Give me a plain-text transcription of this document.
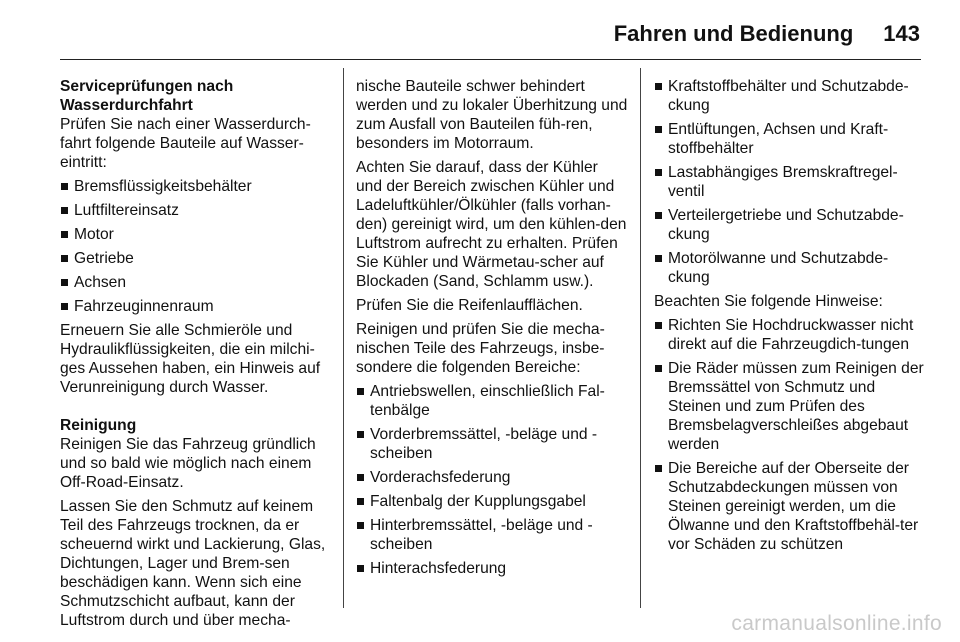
Fahren und Bedienung 143
Serviceprüfungen nach Wasserdurchfahrt
Prüfen Sie nach einer Wasserdurch-fahrt folgende Bauteile auf Wasser-eintritt:
Bremsflüssigkeitsbehälter
Luftfiltereinsatz
Motor
Getriebe
Achsen
Fahrzeuginnenraum
Erneuern Sie alle Schmieröle und Hydraulikflüssigkeiten, die ein milchi-ges Aussehen haben, ein Hinweis auf Verunreinigung durch Wasser.
Reinigung
Reinigen Sie das Fahrzeug gründlich und so bald wie möglich nach einem Off-Road-Einsatz.
Lassen Sie den Schmutz auf keinem Teil des Fahrzeugs trocknen, da er scheuernd wirkt und Lackierung, Glas, Dichtungen, Lager und Brem-sen beschädigen kann. Wenn sich eine Schmutzschicht aufbaut, kann der Luftstrom durch und über mecha-
nische Bauteile schwer behindert werden und zu lokaler Überhitzung und zum Ausfall von Bauteilen füh-ren, besonders im Motorraum.
Achten Sie darauf, dass der Kühler und der Bereich zwischen Kühler und Ladeluftkühler/Ölkühler (falls vorhan-den) gereinigt wird, um den kühlen-den Luftstrom aufrecht zu erhalten. Prüfen Sie Kühler und Wärmetau-scher auf Blockaden (Sand, Schlamm usw.).
Prüfen Sie die Reifenlaufflächen.
Reinigen und prüfen Sie die mecha-nischen Teile des Fahrzeugs, insbe-sondere die folgenden Bereiche:
Antriebswellen, einschließlich Fal-tenbälge
Vorderbremssättel, -beläge und -scheiben
Vorderachsfederung
Faltenbalg der Kupplungsgabel
Hinterbremssättel, -beläge und -scheiben
Hinterachsfederung
Kraftstoffbehälter und Schutzabde-ckung
Entlüftungen, Achsen und Kraft-stoffbehälter
Lastabhängiges Bremskraftregel-ventil
Verteilergetriebe und Schutzabde-ckung
Motorölwanne und Schutzabde-ckung
Beachten Sie folgende Hinweise:
Richten Sie Hochdruckwasser nicht direkt auf die Fahrzeugdich-tungen
Die Räder müssen zum Reinigen der Bremssättel von Schmutz und Steinen und zum Prüfen des Bremsbelagverschleißes abgebaut werden
Die Bereiche auf der Oberseite der Schutzabdeckungen müssen von Steinen gereinigt werden, um die Ölwanne und den Kraftstoffbehäl-ter vor Schäden zu schützen
carmanualsonline.info
